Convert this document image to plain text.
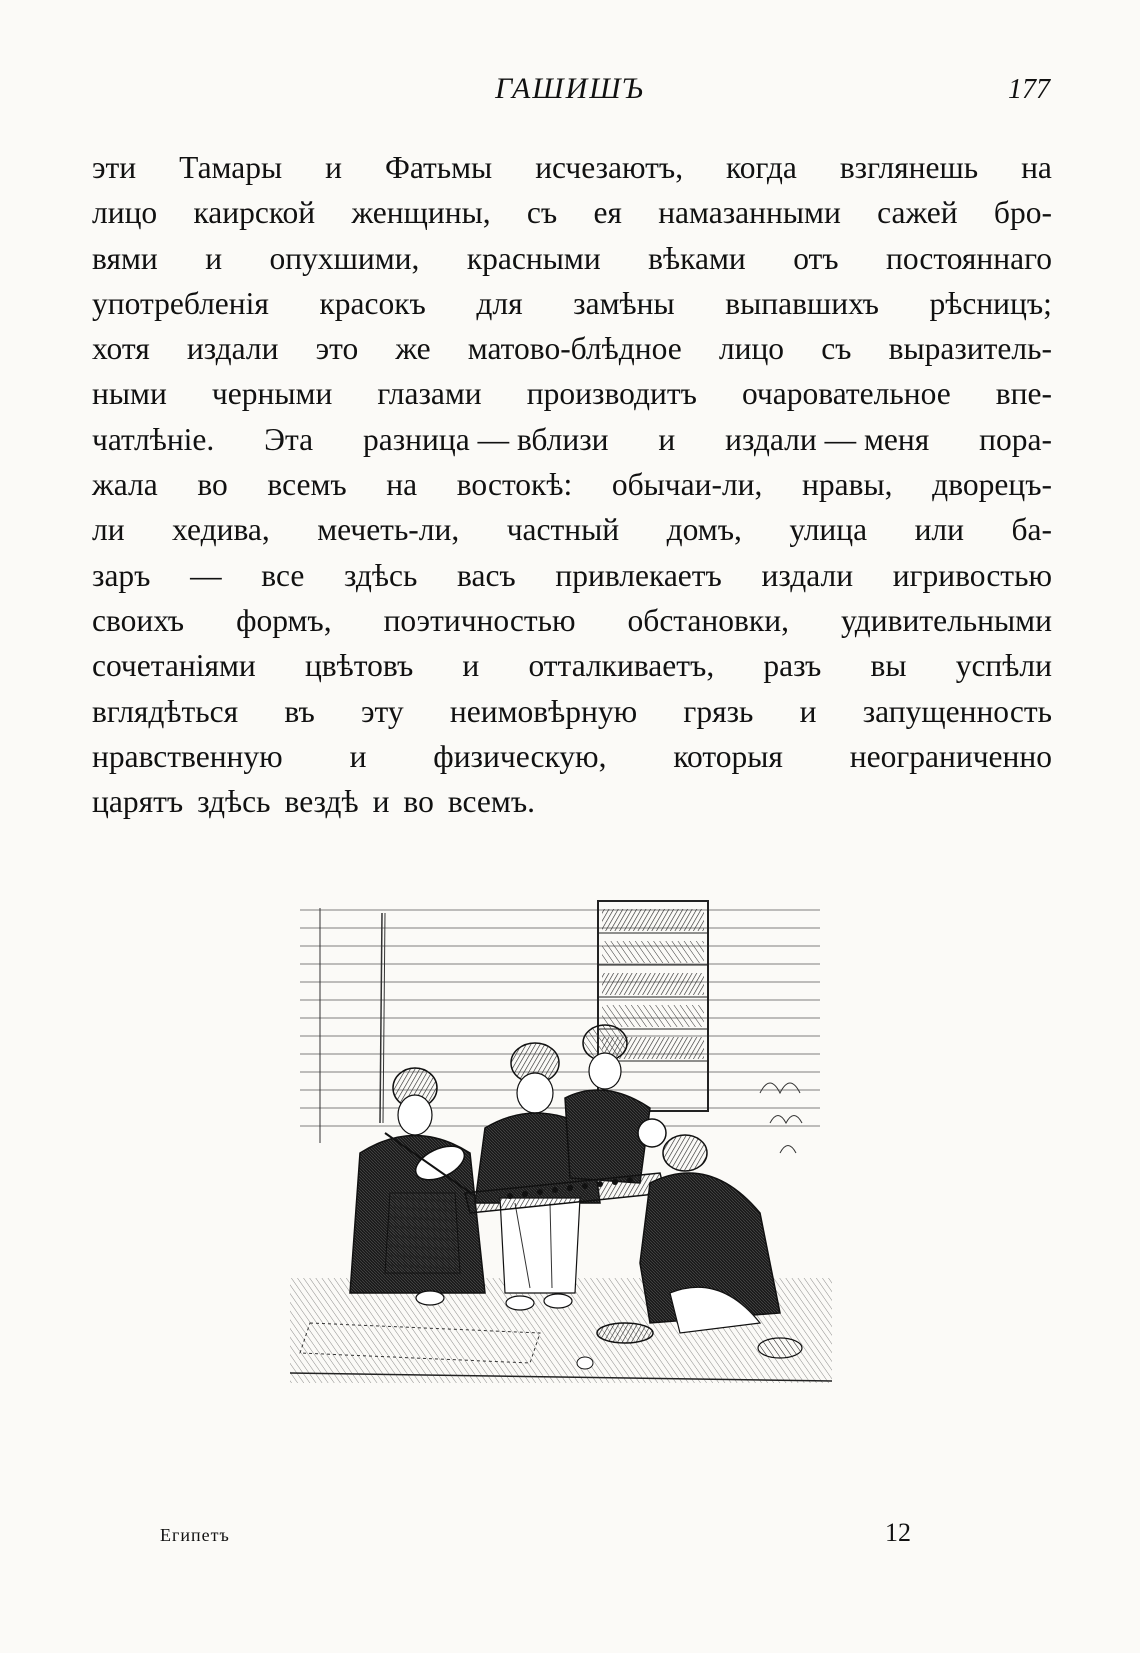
ГАШИШЪ	177
эти Тамары и Фатьмы исчезаютъ, когда взглянешь на
лицо каирской женщины, съ ея намазанными сажей бро-
вями и опухшими, красными вѣками отъ постояннаго
употребленія красокъ для замѣны выпавшихъ рѣсницъ;
хотя издали это же матово-блѣдное лицо съ выразитель-
ными черными глазами производитъ очаровательное впе-
чатлѣніе. Эта разница — вблизи и издали — меня пора-
жала во всемъ на востокѣ: обычаи-ли, нравы, дворецъ-
ли хедива, мечеть-ли, частный домъ, улица или ба-
заръ — все здѣсь васъ привлекаетъ издали игривостью
своихъ формъ, поэтичностью обстановки, удивительными
сочетаніями цвѣтовъ и отталкиваетъ, разъ вы успѣли
вглядѣться въ эту неимовѣрную грязь и запущенность
нравственную и физическую, которыя неограниченно
царятъ здѣсь вездѣ и во всемъ.
Египетъ	12
